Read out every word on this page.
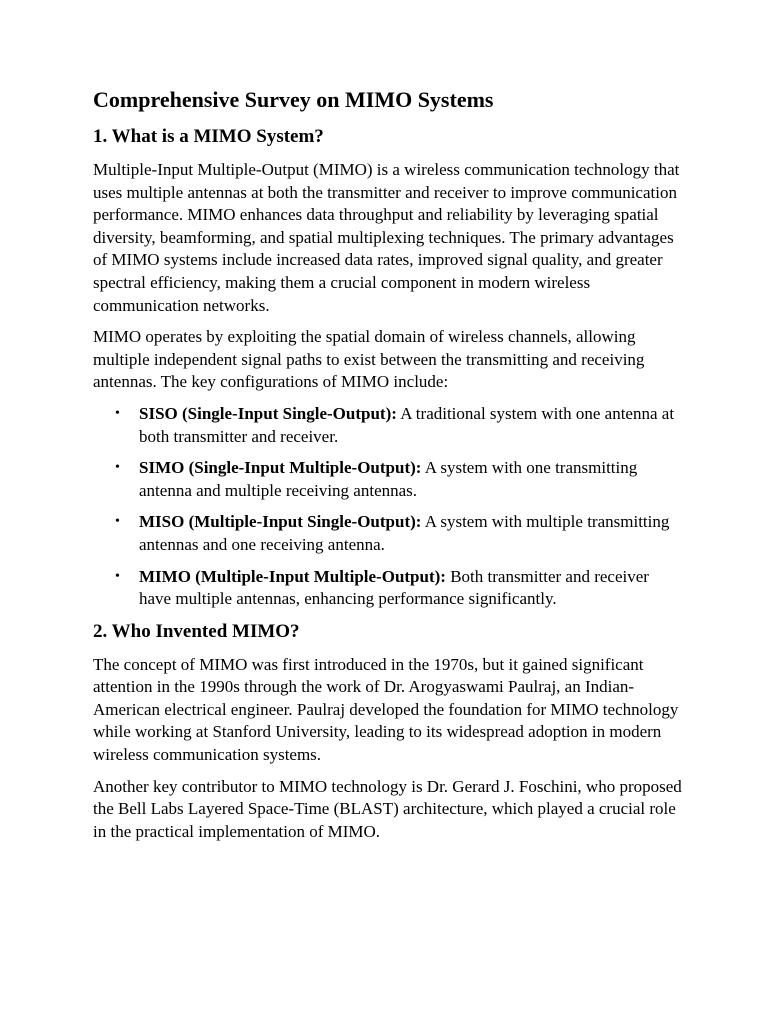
Comprehensive Survey on MIMO Systems
1. What is a MIMO System?

Multiple-Input Multiple-Output (MIMO) is a wireless communication technology that uses multiple antennas at both the transmitter and receiver to improve communication performance. MIMO enhances data throughput and reliability by leveraging spatial diversity, beamforming, and spatial multiplexing techniques. The primary advantages of MIMO systems include increased data rates, improved signal quality, and greater spectral efficiency, making them a crucial component in modern wireless communication networks.

MIMO operates by exploiting the spatial domain of wireless channels, allowing multiple independent signal paths to exist between the transmitting and receiving antennas. The key configurations of MIMO include:

• SISO (Single-Input Single-Output): A traditional system with one antenna at both transmitter and receiver.
• SIMO (Single-Input Multiple-Output): A system with one transmitting antenna and multiple receiving antennas.
• MISO (Multiple-Input Single-Output): A system with multiple transmitting antennas and one receiving antenna.
• MIMO (Multiple-Input Multiple-Output): Both transmitter and receiver have multiple antennas, enhancing performance significantly.
2. Who Invented MIMO?

The concept of MIMO was first introduced in the 1970s, but it gained significant attention in the 1990s through the work of Dr. Arogyaswami Paulraj, an Indian-American electrical engineer. Paulraj developed the foundation for MIMO technology while working at Stanford University, leading to its widespread adoption in modern wireless communication systems.

Another key contributor to MIMO technology is Dr. Gerard J. Foschini, who proposed the Bell Labs Layered Space-Time (BLAST) architecture, which played a crucial role in the practical implementation of MIMO.
